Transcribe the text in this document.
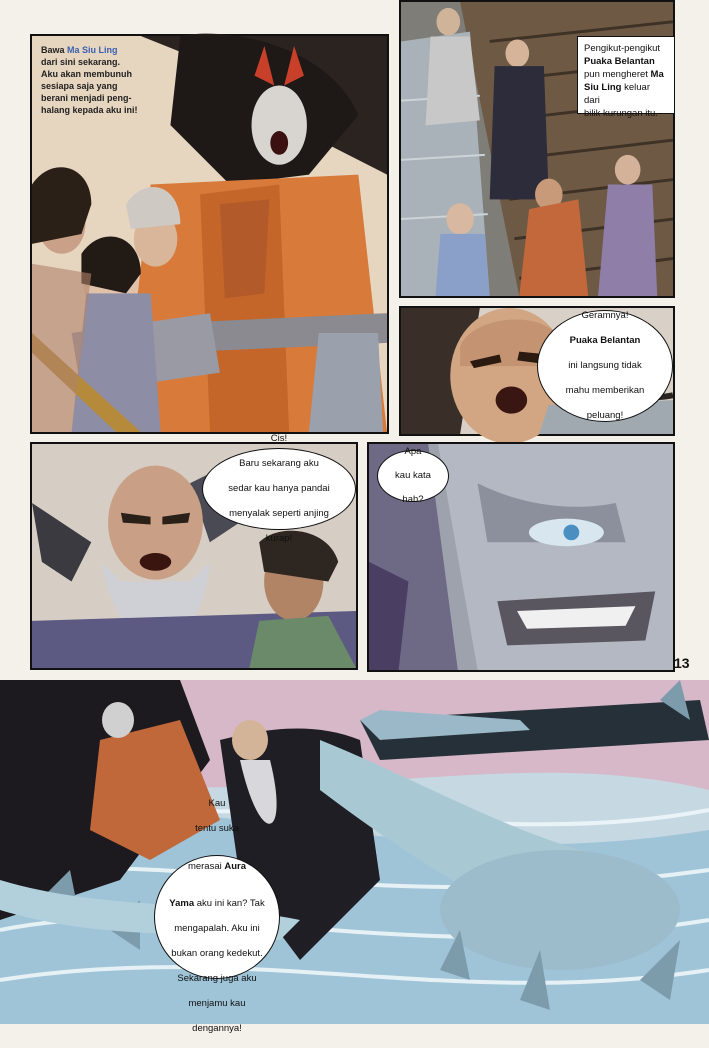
Bawa Ma Siu Ling
dari sini sekarang.
Aku akan membunuh
sesiapa saja yang
berani menjadi peng-
halang kepada aku ini!
Pengikut-pengikut
Puaka Belantan
pun mengheret Ma
Siu Ling keluar dari
bilik kurungan itu.

Geramnya!

Puaka Belantan

ini langsung tidak

mahu memberikan

peluang!

Cis!

Baru sekarang aku

sedar kau hanya pandai

menyalak seperti anjing

kurap!

Apa

kau kata

hah?

13

Kau

tentu suka

merasai Aura

Yama aku ini kan? Tak

mengapalah. Aku ini

bukan orang kedekut.

Sekarang juga aku

menjamu kau

dengannya!
